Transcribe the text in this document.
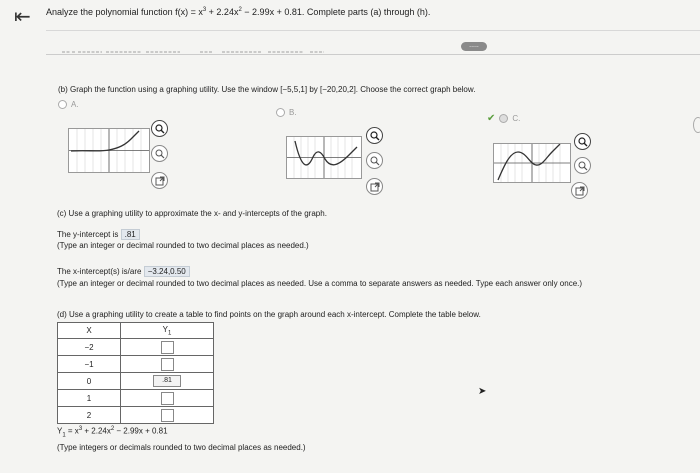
⇤ Analyze the polynomial function $f(x) = x^3 + 2.24x^2 - 2.99x + 0.81$. Complete parts (a) through (h).
.....
(b) Graph the function using a graphing utility. Use the window [−5,5,1] by [−20,20,2]. Choose the correct graph below.
A.
B.
✔ C.
(c) Use a graphing utility to approximate the x- and y-intercepts of the graph.
The y-intercept is .81
(Type an integer or decimal rounded to two decimal places as needed.)
The x-intercept(s) is/are −3.24,0.50
(Type an integer or decimal rounded to two decimal places as needed. Use a comma to separate answers as needed. Type each answer only once.)
(d) Use a graphing utility to create a table to find points on the graph around each x-intercept. Complete the table below.
X	$Y_1$
−2	
−1	
0	.81
1	
2	
$Y_1 = x^3 + 2.24x^2 - 2.99x + 0.81$
(Type integers or decimals rounded to two decimal places as needed.)
➤
